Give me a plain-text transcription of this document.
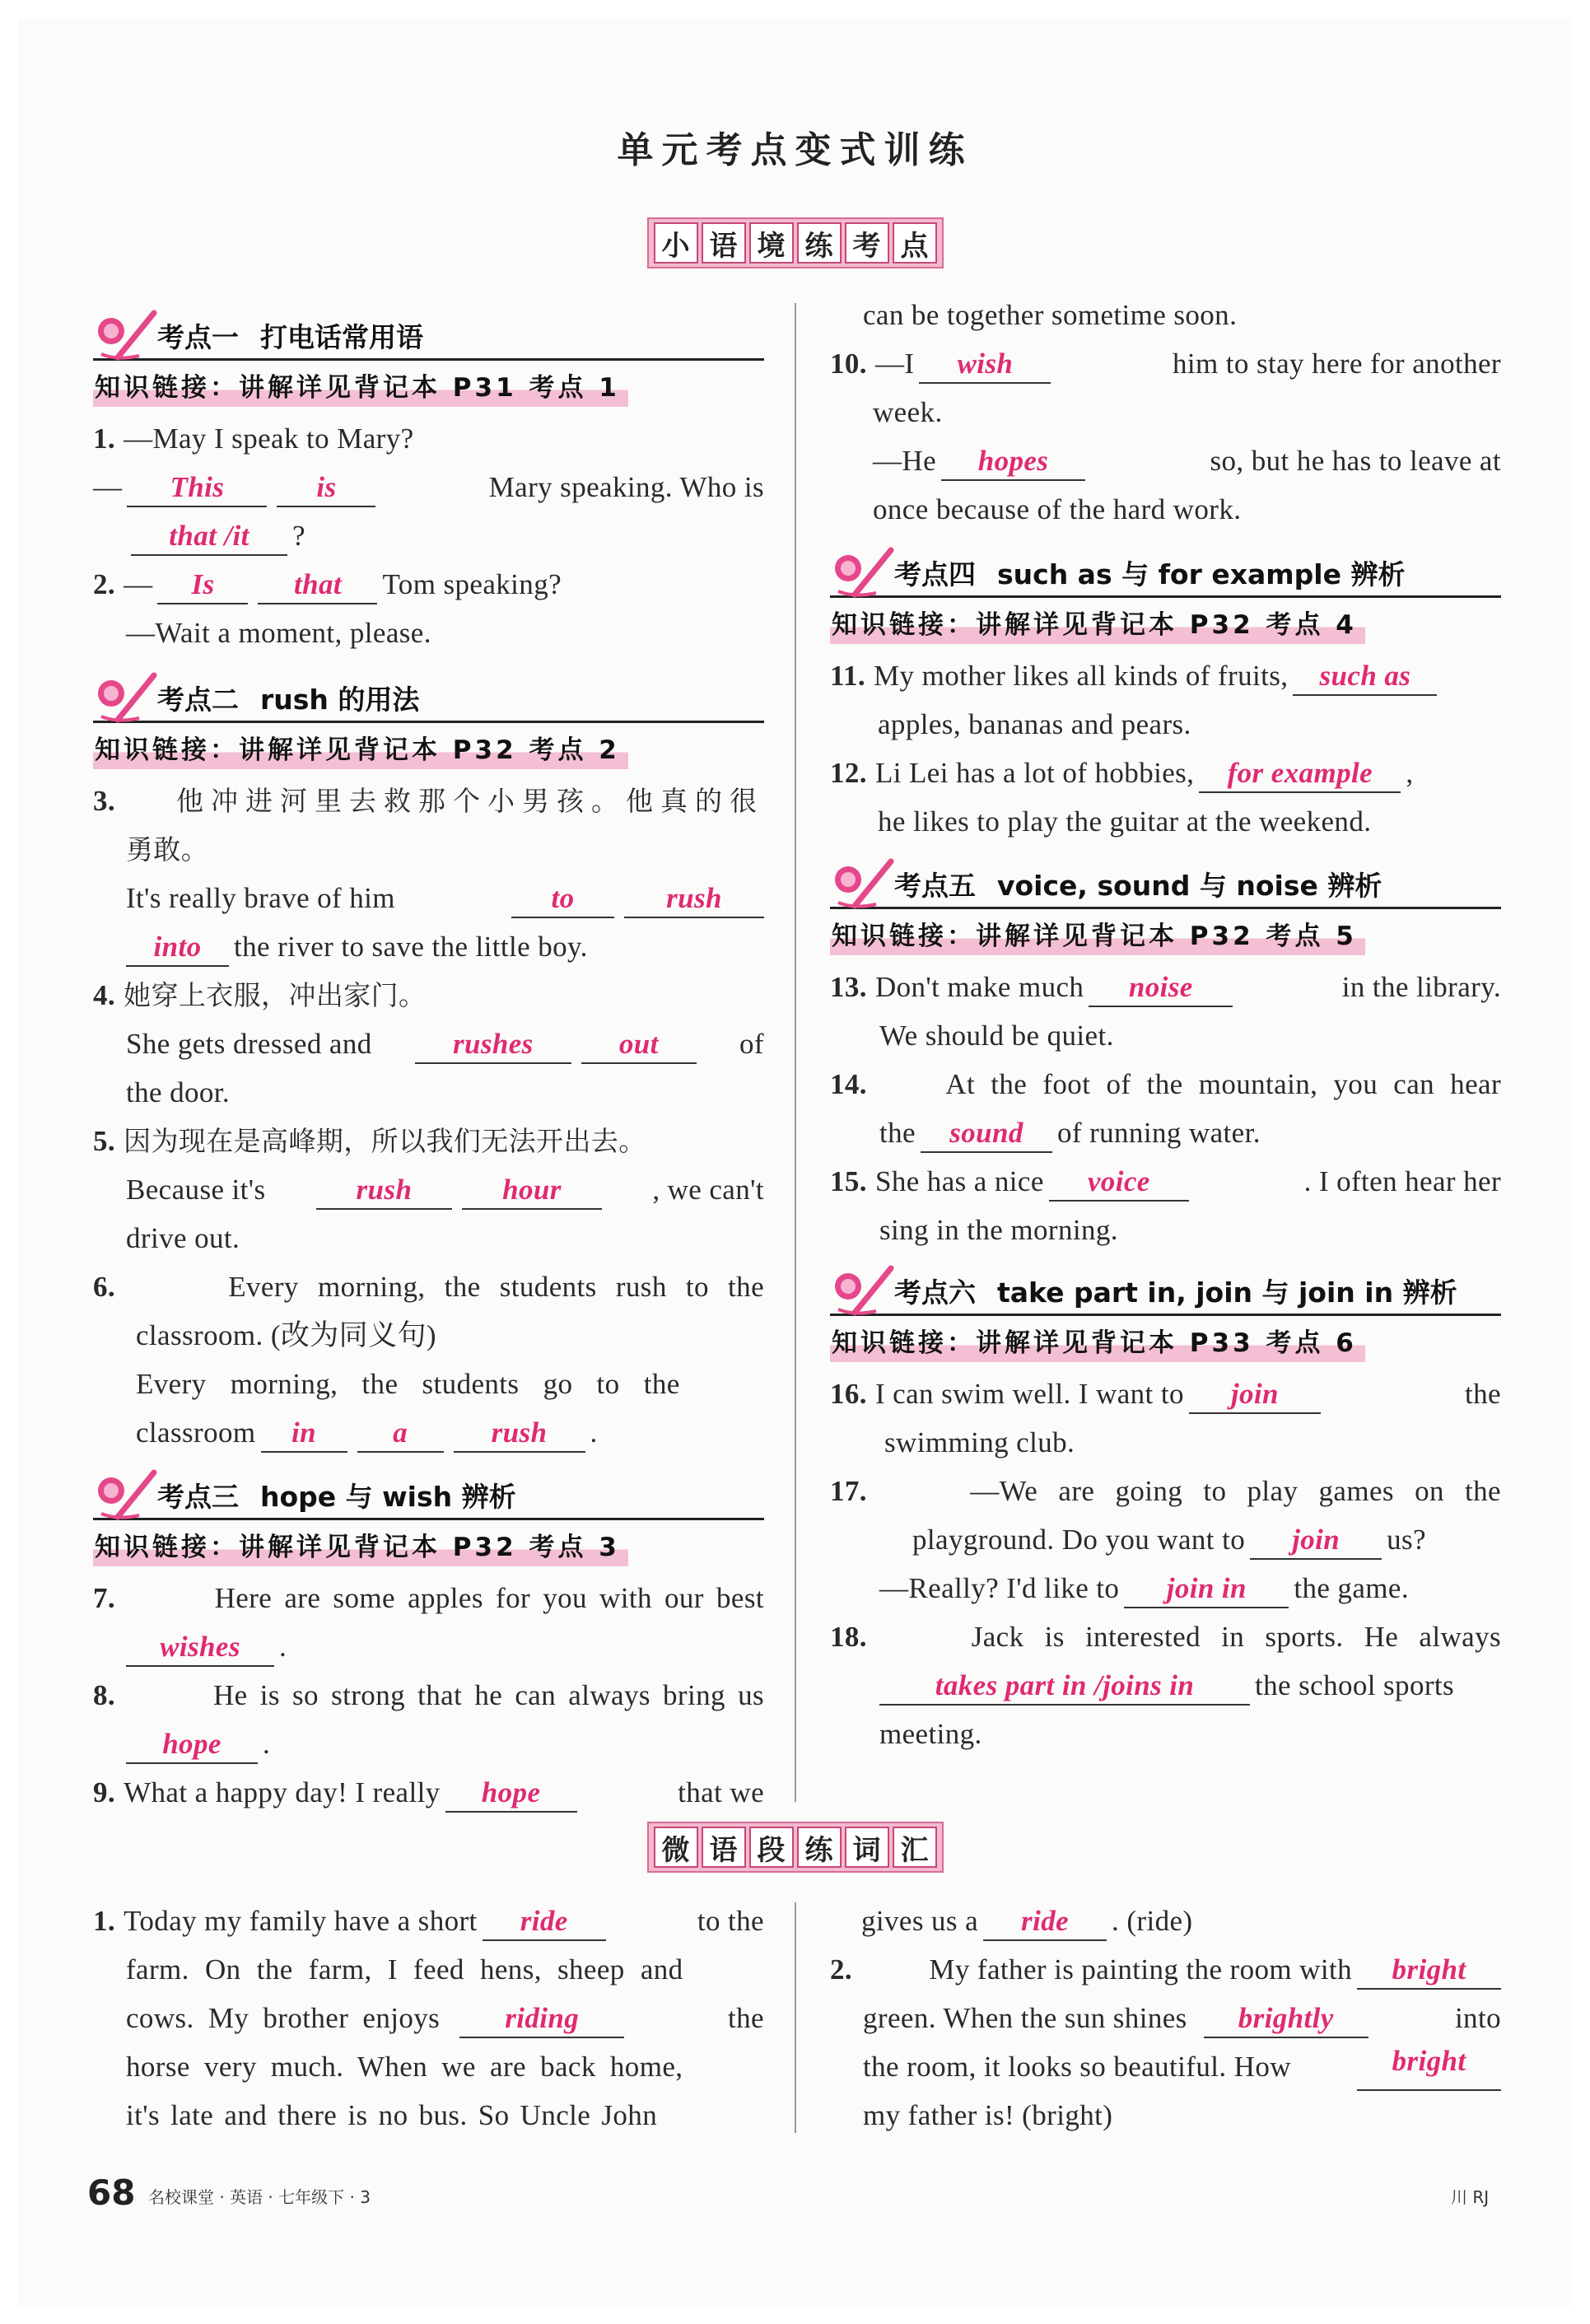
单元考点变式训练
小 语 境 练 考 点
考点一 打电话常用语
知识链接：讲解详见背记本 P31 考点 1
1. —May I speak to Mary?
— This	is	Mary speaking. Who is
that /it ?
2. — Is	that Tom speaking?
—Wait a moment, please.
考点二 rush 的用法
知识链接：讲解详见背记本 P32 考点 2
3. 他冲进河里去救那个小男孩。他真的很
勇敢。
It's really brave of him	to	rush
into the river to save the little boy.
4. 她穿上衣服，冲出家门。
She gets dressed and	rushes	out	of
the door.
5. 因为现在是高峰期，所以我们无法开出去。
Because it's	rush	hour	, we can't
drive out.
6.	Every morning, the students rush to the
classroom. (改为同义句)
Every morning, the students go to the
classroom in	a	rush .
考点三 hope 与 wish 辨析
知识链接：讲解详见背记本 P32 考点 3
7.	Here are some apples for you with our best
wishes .
8.	He is so strong that he can always bring us
hope .
9. What a happy day! I really hope	that we
can be together sometime soon.
10. —I wish	him to stay here for another
week.
—He hopes	so, but he has to leave at
once because of the hard work.
考点四 such as 与 for example 辨析
知识链接：讲解详见背记本 P32 考点 4
11. My mother likes all kinds of fruits, such as
apples, bananas and pears.
12. Li Lei has a lot of hobbies, for example ,
he likes to play the guitar at the weekend.
考点五 voice, sound 与 noise 辨析
知识链接：讲解详见背记本 P32 考点 5
13. Don't make much noise	in the library.
We should be quiet.
14.	At the foot of the mountain, you can hear
the sound of running water.
15. She has a nice voice	. I often hear her
sing in the morning.
考点六 take part in, join 与 join in 辨析
知识链接：讲解详见背记本 P33 考点 6
16. I can swim well. I want to join	the
swimming club.
17.	—We are going to play games on the
playground. Do you want to join us?
—Really? I'd like to join in the game.
18.	Jack is interested in sports. He always
takes part in /joins in the school sports
meeting.
微 语 段 练 词 汇
1. Today my family have a short ride	to the
farm. On the farm, I feed hens, sheep and
cows. My brother enjoys riding	the
horse very much. When we are back home,
it's late and there is no bus. So Uncle John
gives us a ride . (ride)
2.	My father is painting the room with bright
green. When the sun shines brightly	into
the room, it looks so beautiful. How	bright
my father is! (bright)
68 名校课堂 · 英语 · 七年级下 · 3	川 RJ
